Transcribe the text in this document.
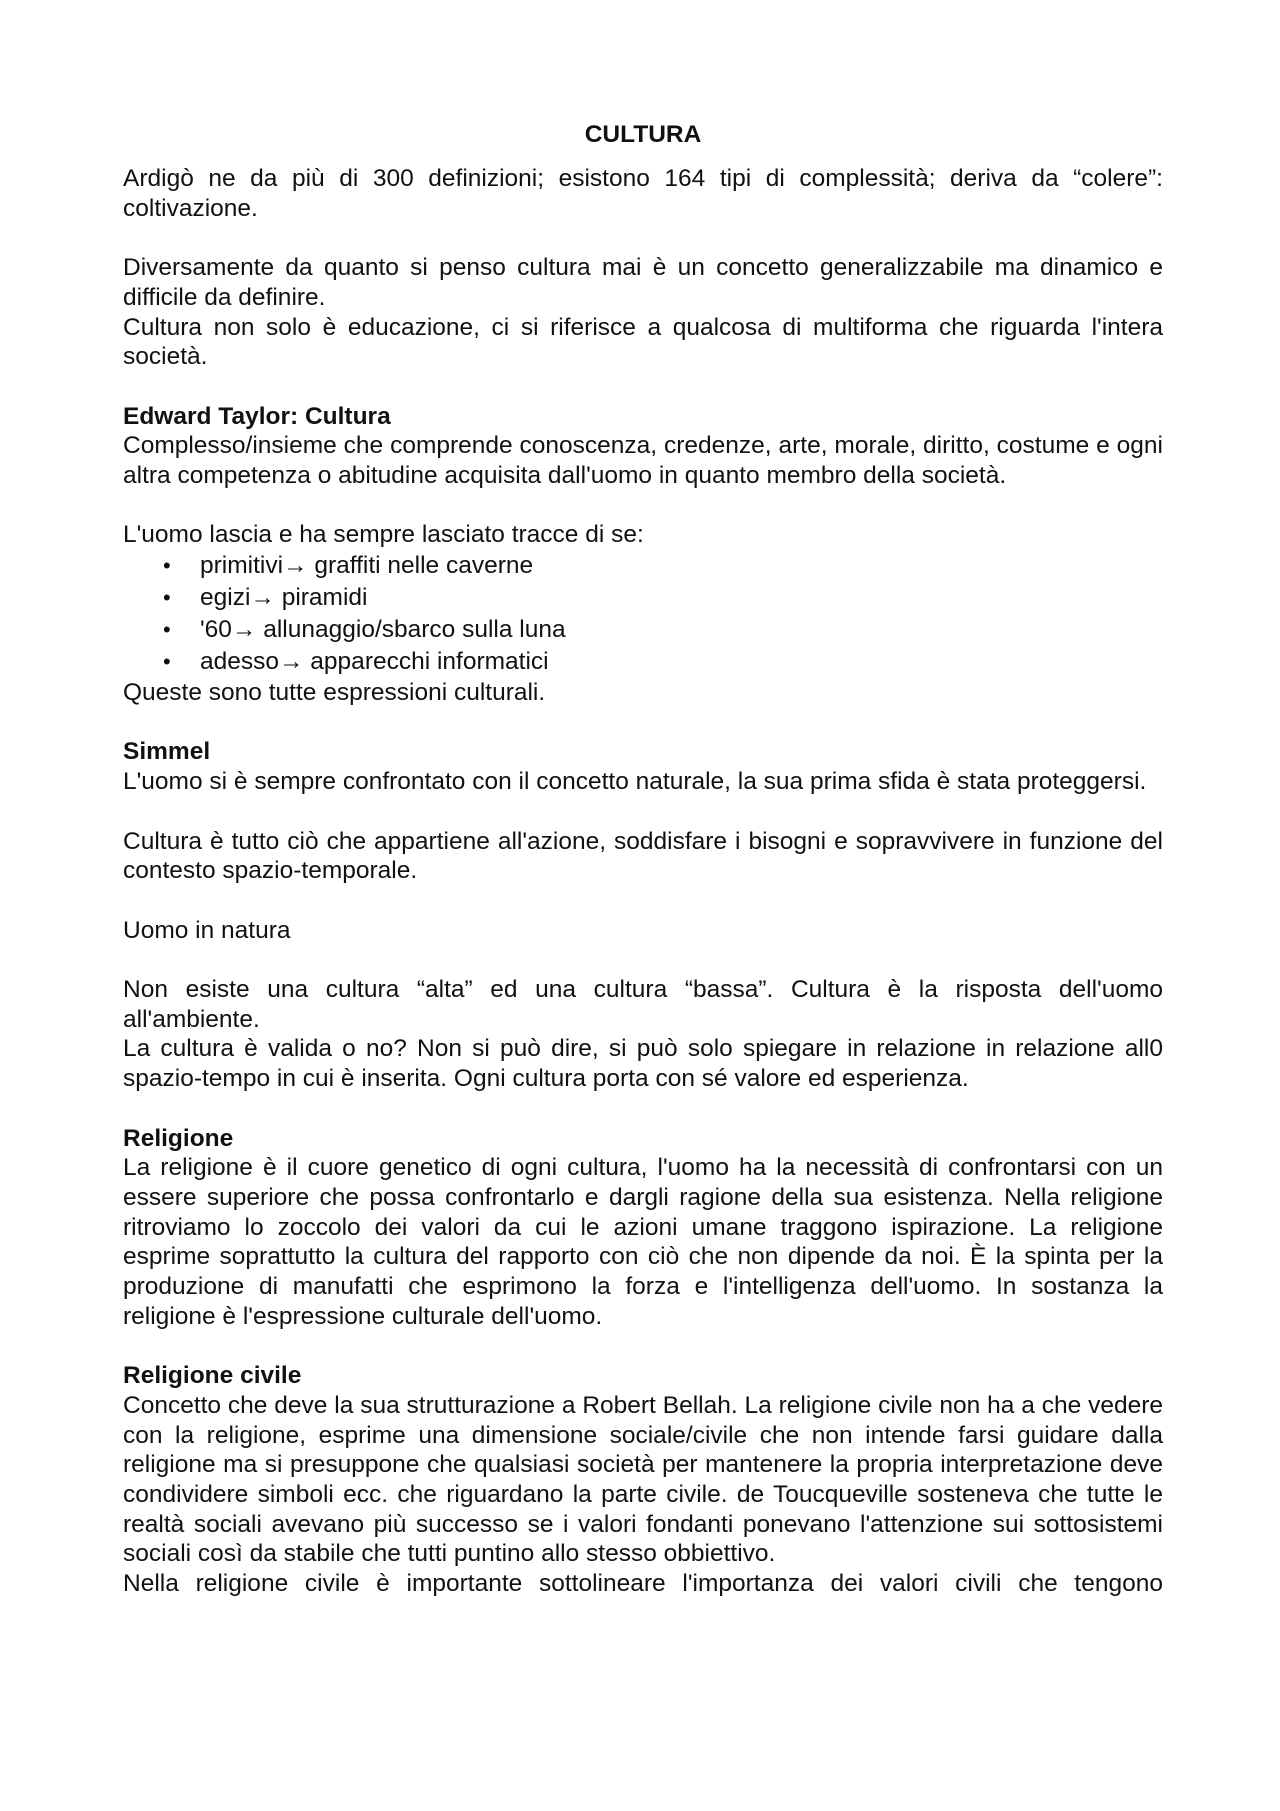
CULTURA

Ardigò ne da più di 300 definizioni; esistono 164 tipi di complessità; deriva da “colere”: coltivazione.

Diversamente da quanto si penso cultura mai è un concetto generalizzabile ma dinamico e difficile da definire.

Cultura non solo è educazione, ci si riferisce a qualcosa di multiforma che riguarda l'intera società.

Edward Taylor: Cultura

Complesso/insieme che comprende conoscenza, credenze, arte, morale, diritto, costume e ogni altra competenza o abitudine acquisita dall'uomo in quanto membro della società.

L'uomo lascia e ha sempre lasciato tracce di se:

• primitivi→ graffiti nelle caverne
• egizi→ piramidi
• '60→ allunaggio/sbarco sulla luna
• adesso→ apparecchi informatici

Queste sono tutte espressioni culturali.

Simmel

L'uomo si è sempre confrontato con il concetto naturale, la sua prima sfida è stata proteggersi.

Cultura è tutto ciò che appartiene all'azione, soddisfare i bisogni e sopravvivere in funzione del contesto spazio-temporale.

Uomo in natura

Non esiste una cultura “alta” ed una cultura “bassa”. Cultura è la risposta dell'uomo all'ambiente.

La cultura è valida o no? Non si può dire, si può solo spiegare in relazione in relazione all0 spazio-tempo in cui è inserita. Ogni cultura porta con sé valore ed esperienza.

Religione

La religione è il cuore genetico di ogni cultura, l'uomo ha la necessità di confrontarsi con un essere superiore che possa confrontarlo e dargli ragione della sua esistenza. Nella religione ritroviamo lo zoccolo dei valori da cui le azioni umane traggono ispirazione. La religione esprime soprattutto la cultura del rapporto con ciò che non dipende da noi. È la spinta per la produzione di manufatti che esprimono la forza e l'intelligenza dell'uomo. In sostanza la religione è l'espressione culturale dell'uomo.

Religione civile

Concetto che deve la sua strutturazione a Robert Bellah. La religione civile non ha a che vedere con la religione, esprime una dimensione sociale/civile che non intende farsi guidare dalla religione ma si presuppone che qualsiasi società per mantenere la propria interpretazione deve condividere simboli ecc. che riguardano la parte civile. de Toucqueville sosteneva che tutte le realtà sociali avevano più successo se i valori fondanti ponevano l'attenzione sui sottosistemi sociali così da stabile che tutti puntino allo stesso obbiettivo.

Nella religione civile è importante sottolineare l'importanza dei valori civili che tengono
